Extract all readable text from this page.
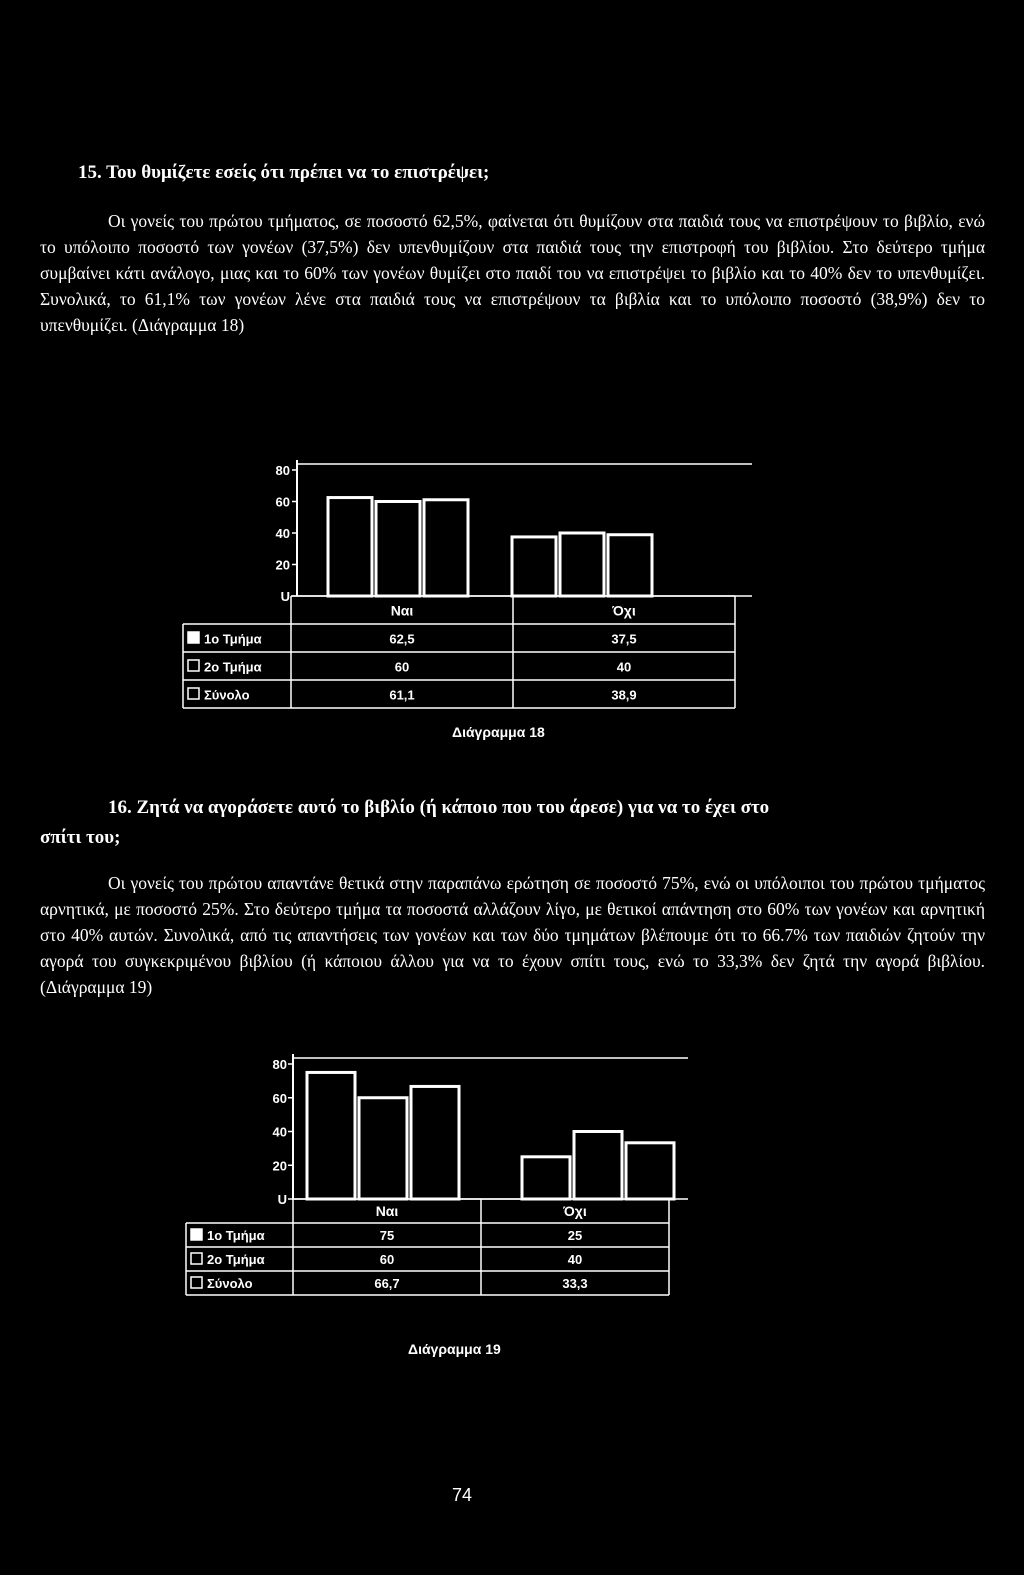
15. Του θυμίζετε εσείς ότι πρέπει να το επιστρέψει;

Οι γονείς του πρώτου τμήματος, σε ποσοστό 62,5%, φαίνεται ότι θυμίζουν στα παιδιά τους να επιστρέψουν το βιβλίο, ενώ το υπόλοιπο ποσοστό των γονέων (37,5%) δεν υπενθυμίζουν στα παιδιά τους την επιστροφή του βιβλίου. Στο δεύτερο τμήμα συμβαίνει κάτι ανάλογο, μιας και το 60% των γονέων θυμίζει στο παιδί του να επιστρέψει το βιβλίο και το 40% δεν το υπενθυμίζει. Συνολικά, το 61,1% των γονέων λένε στα παιδιά τους να επιστρέψουν τα βιβλία και το υπόλοιπο ποσοστό (38,9%) δεν το υπενθυμίζει. (Διάγραμμα 18)

80
60
40
20
U
Ναι	Όχι
1ο Τμήμα	62,5	37,5
2ο Τμήμα	60	40
Σύνολο	61,1	38,9
Διάγραμμα 18
16. Ζητά να αγοράσετε αυτό το βιβλίο (ή κάποιο που του άρεσε) για να το έχει στο
σπίτι του;

Οι γονείς του πρώτου απαντάνε θετικά στην παραπάνω ερώτηση σε ποσοστό 75%, ενώ οι υπόλοιποι του πρώτου τμήματος αρνητικά, με ποσοστό 25%. Στο δεύτερο τμήμα τα ποσοστά αλλάζουν λίγο, με θετικοί απάντηση στο 60% των γονέων και αρνητική στο 40% αυτών. Συνολικά, από τις απαντήσεις των γονέων και των δύο τμημάτων βλέπουμε ότι το 66.7% των παιδιών ζητούν την αγορά του συγκεκριμένου βιβλίου (ή κάποιου άλλου για να το έχουν σπίτι τους, ενώ το 33,3% δεν ζητά την αγορά βιβλίου. (Διάγραμμα 19)

80
60
40
20
U
Ναι	Όχι
1ο Τμήμα	75	25
2ο Τμήμα	60	40
Σύνολο	66,7	33,3
Διάγραμμα 19
74
